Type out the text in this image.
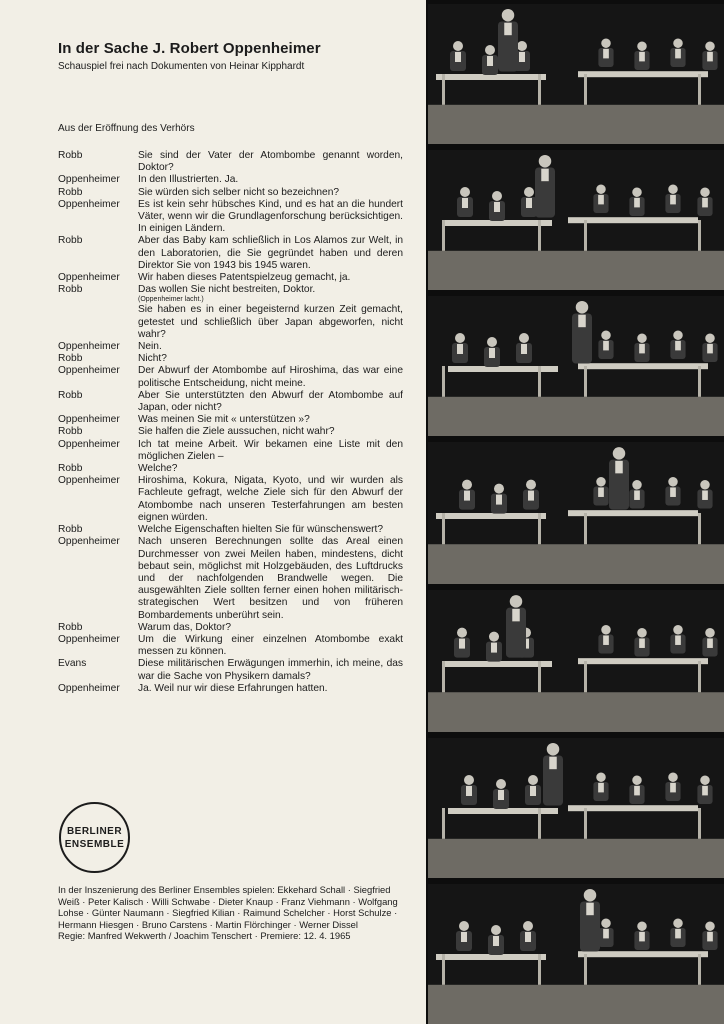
In der Sache J. Robert Oppenheimer
Schauspiel frei nach Dokumenten von Heinar Kipphardt
Aus der Eröffnung des Verhörs
Robb	Sie sind der Vater der Atombombe genannt worden, Doktor?
Oppenheimer	In den Illustrierten. Ja.
Robb	Sie würden sich selber nicht so bezeichnen?
Oppenheimer	Es ist kein sehr hübsches Kind, und es hat an die hundert Väter, wenn wir die Grundlagenforschung berücksichtigen. In einigen Ländern.
Robb	Aber das Baby kam schließlich in Los Alamos zur Welt, in den Laboratorien, die Sie gegründet haben und deren Direktor Sie von 1943 bis 1945 waren.
Oppenheimer	Wir haben dieses Patentspielzeug gemacht, ja.
Robb	Das wollen Sie nicht bestreiten, Doktor.
(Oppenheimer lacht.)
Sie haben es in einer begeisternd kurzen Zeit gemacht, getestet und schließlich über Japan abgeworfen, nicht wahr?
Oppenheimer	Nein.
Robb	Nicht?
Oppenheimer	Der Abwurf der Atombombe auf Hiroshima, das war eine politische Entscheidung, nicht meine.
Robb	Aber Sie unterstützten den Abwurf der Atombombe auf Japan, oder nicht?
Oppenheimer	Was meinen Sie mit « unterstützen »?
Robb	Sie halfen die Ziele aussuchen, nicht wahr?
Oppenheimer	Ich tat meine Arbeit. Wir bekamen eine Liste mit den möglichen Zielen –
Robb	Welche?
Oppenheimer	Hiroshima, Kokura, Nigata, Kyoto, und wir wurden als Fachleute gefragt, welche Ziele sich für den Abwurf der Atombombe nach unseren Testerfahrungen am besten eignen würden.
Robb	Welche Eigenschaften hielten Sie für wünschenswert?
Oppenheimer	Nach unseren Berechnungen sollte das Areal einen Durchmesser von zwei Meilen haben, mindestens, dicht bebaut sein, möglichst mit Holzgebäuden, des Luftdrucks und der nachfolgenden Brandwelle wegen. Die ausgewählten Ziele sollten ferner einen hohen militärisch-strategischen Wert besitzen und von früheren Bombardements unberührt sein.
Robb	Warum das, Doktor?
Oppenheimer	Um die Wirkung einer einzelnen Atombombe exakt messen zu können.
Evans	Diese militärischen Erwägungen immerhin, ich meine, das war die Sache von Physikern damals?
Oppenheimer	Ja. Weil nur wir diese Erfahrungen hatten.
BERLINER
ENSEMBLE
In der Inszenierung des Berliner Ensembles spielen: Ekkehard Schall · Siegfried Weiß · Peter Kalisch · Willi Schwabe · Dieter Knaup · Franz Viehmann · Wolfgang Lohse · Günter Naumann · Siegfried Kilian · Raimund Schelcher · Horst Schulze · Hermann Hiesgen · Bruno Carstens · Martin Flörchinger · Werner Dissel
Regie: Manfred Wekwerth / Joachim Tenschert · Premiere: 12. 4. 1965
